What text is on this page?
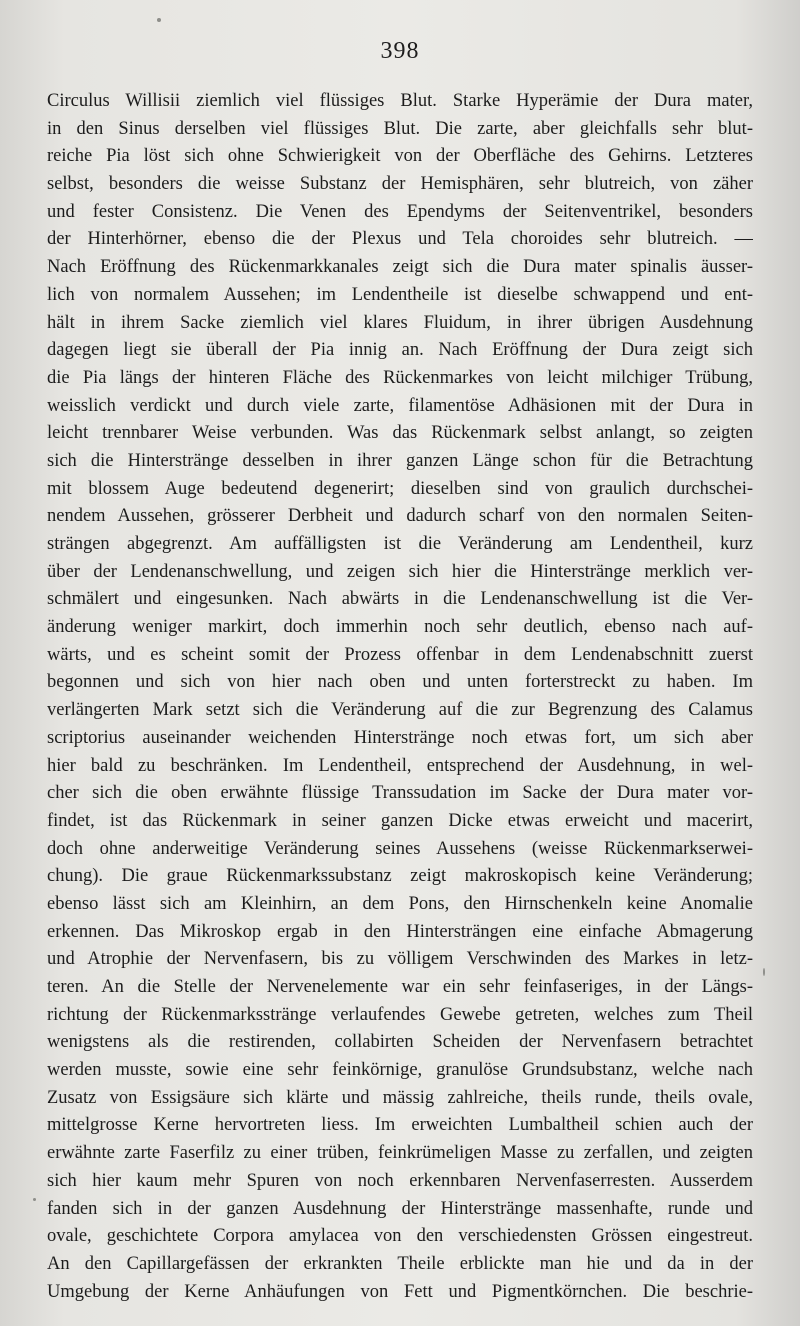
398
Circulus Willisii ziemlich viel flüssiges Blut. Starke Hyperämie der Dura mater,
in den Sinus derselben viel flüssiges Blut. Die zarte, aber gleichfalls sehr blut-
reiche Pia löst sich ohne Schwierigkeit von der Oberfläche des Gehirns. Letzteres
selbst, besonders die weisse Substanz der Hemisphären, sehr blutreich, von zäher
und fester Consistenz. Die Venen des Ependyms der Seitenventrikel, besonders
der Hinterhörner, ebenso die der Plexus und Tela choroides sehr blutreich. —
Nach Eröffnung des Rückenmarkkanales zeigt sich die Dura mater spinalis äusser-
lich von normalem Aussehen; im Lendentheile ist dieselbe schwappend und ent-
hält in ihrem Sacke ziemlich viel klares Fluidum, in ihrer übrigen Ausdehnung
dagegen liegt sie überall der Pia innig an. Nach Eröffnung der Dura zeigt sich
die Pia längs der hinteren Fläche des Rückenmarkes von leicht milchiger Trübung,
weisslich verdickt und durch viele zarte, filamentöse Adhäsionen mit der Dura in
leicht trennbarer Weise verbunden. Was das Rückenmark selbst anlangt, so zeigten
sich die Hinterstränge desselben in ihrer ganzen Länge schon für die Betrachtung
mit blossem Auge bedeutend degenerirt; dieselben sind von graulich durchschei-
nendem Aussehen, grösserer Derbheit und dadurch scharf von den normalen Seiten-
strängen abgegrenzt. Am auffälligsten ist die Veränderung am Lendentheil, kurz
über der Lendenanschwellung, und zeigen sich hier die Hinterstränge merklich ver-
schmälert und eingesunken. Nach abwärts in die Lendenanschwellung ist die Ver-
änderung weniger markirt, doch immerhin noch sehr deutlich, ebenso nach auf-
wärts, und es scheint somit der Prozess offenbar in dem Lendenabschnitt zuerst
begonnen und sich von hier nach oben und unten forterstreckt zu haben. Im
verlängerten Mark setzt sich die Veränderung auf die zur Begrenzung des Calamus
scriptorius auseinander weichenden Hinterstränge noch etwas fort, um sich aber
hier bald zu beschränken. Im Lendentheil, entsprechend der Ausdehnung, in wel-
cher sich die oben erwähnte flüssige Transsudation im Sacke der Dura mater vor-
findet, ist das Rückenmark in seiner ganzen Dicke etwas erweicht und macerirt,
doch ohne anderweitige Veränderung seines Aussehens (weisse Rückenmarkserwei-
chung). Die graue Rückenmarkssubstanz zeigt makroskopisch keine Veränderung;
ebenso lässt sich am Kleinhirn, an dem Pons, den Hirnschenkeln keine Anomalie
erkennen. Das Mikroskop ergab in den Hintersträngen eine einfache Abmagerung
und Atrophie der Nervenfasern, bis zu völligem Verschwinden des Markes in letz-
teren. An die Stelle der Nervenelemente war ein sehr feinfaseriges, in der Längs-
richtung der Rückenmarksstränge verlaufendes Gewebe getreten, welches zum Theil
wenigstens als die restirenden, collabirten Scheiden der Nervenfasern betrachtet
werden musste, sowie eine sehr feinkörnige, granulöse Grundsubstanz, welche nach
Zusatz von Essigsäure sich klärte und mässig zahlreiche, theils runde, theils ovale,
mittelgrosse Kerne hervortreten liess. Im erweichten Lumbaltheil schien auch der
erwähnte zarte Faserfilz zu einer trüben, feinkrümeligen Masse zu zerfallen, und zeigten
sich hier kaum mehr Spuren von noch erkennbaren Nervenfaserresten. Ausserdem
fanden sich in der ganzen Ausdehnung der Hinterstränge massenhafte, runde und
ovale, geschichtete Corpora amylacea von den verschiedensten Grössen eingestreut.
An den Capillargefässen der erkrankten Theile erblickte man hie und da in der
Umgebung der Kerne Anhäufungen von Fett und Pigmentkörnchen. Die beschrie-
